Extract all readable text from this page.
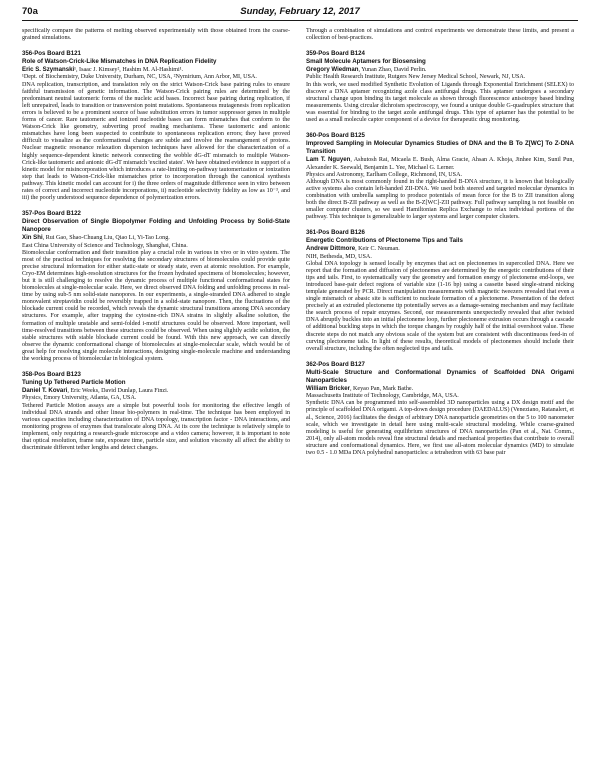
70a	Sunday, February 12, 2017

specifically compare the patterns of melting observed experimentally with those obtained from the coarse-grained simulations.

356-Pos Board B121

Role of Watson-Crick-Like Mismatches in DNA Replication Fidelity

Eric S. Szymanski¹, Isaac J. Kimsey², Hashim M. Al-Hashimi¹.

¹Dept. of Biochemistry, Duke University, Durham, NC, USA, ²Nymirium, Ann Arbor, MI, USA.

DNA replication, transcription, and translation rely on the strict Watson-Crick base pairing rules to ensure faithful transmission of genetic information. The Watson-Crick pairing rules are determined by the predominant neutral tautomeric forms of the nucleic acid bases. Incorrect base pairing during replication, if left unrepaired, leads to transition or transversion point mutations. Spontaneous mutagenesis from replication errors is believed to be a prominent source of base substitution errors in tumor suppressor genes in multiple forms of cancer. Rare tautomeric and ionized nucleotide bases can form mismatches that conform to the Watson-Crick like geometry, subverting proof reading mechanisms. These tautomeric and anionic mismatches have long been suspected to contribute to spontaneous replication errors; they have proved difficult to visualize as the conformational changes are subtle and involve the rearrangement of protons. Nuclear magnetic resonance relaxation dispersion techniques have allowed for the characterization of a highly sequence-dependent kinetic network connecting the wobble dG-dT mismatch to multiple Watson-Crick-like tautomeric and anionic dG-dT mismatch 'excited states'. We have obtained evidence in support of a kinetic model for misincorporation which introduces a rate-limiting on-pathway tautomerization or ionization step that leads to Watson-Crick-like mismatches prior to incorporation through the canonical synthesis pathway. This kinetic model can account for i) the three orders of magnitude difference seen in vitro between rates of correct and incorrect nucleotide incorporations, ii) nucleotide selectivity fidelity as low as 10⁻³, and iii) the poorly understood sequence dependence of polymerization errors.

357-Pos Board B122

Direct Observation of Single Biopolymer Folding and Unfolding Process by Solid-State Nanopore

Xin Shi, Rui Gao, Shao-Chuang Liu, Qiao Li, Yi-Tao Long.

East China University of Science and Technology, Shanghai, China.

Biomolecular conformation and their transition play a crucial role in various in vivo or in vitro system. The most of the practical techniques for resolving the secondary structures of biomolecules could provide quite precise structural information for either static-state or steady state, even at atomic resolution. For example, Cryo-EM determines high-resolution structures for the frozen hydrated specimens of biomolecules; however, but it is still challenging to resolve the dynamic process of multiple functional conformational states for biomolecules at single-molecular scale. Here, we direct observed DNA folding and unfolding process in real-time by using sub-5 nm solid-state nanopores. In our experiments, a single-stranded DNA adhered to single monovalent streptavidin could be reversibly trapped in a solid-state nanopore. Then, the fluctuations of the blockade current could be recorded, which reveals the dynamic structural transitions among DNA secondary structures. For example, after trapping the cytosine-rich DNA strains in slightly alkaline solution, the formation of multiple unstable and semi-folded i-motif structures could be observed. More important, well time-resolved transitions between these structures could be observed. When using slightly acidic solution, the stable structures with stable blockade current could be found. With this new approach, we can directly observe the dynamic conformational change of biomolecules at single-molecular scale, which would be of great help for resolving single molecule interactions, designing single-molecule machine and understanding the working process of biomolecular in biological system.

358-Pos Board B123

Tuning Up Tethered Particle Motion

Daniel T. Kovari, Eric Weeks, David Dunlap, Laura Finzi.

Physics, Emory University, Atlanta, GA, USA.

Tethered Particle Motion assays are a simple but powerful tools for monitoring the effective length of individual DNA strands and other linear bio-polymers in real-time. The technique has been employed in various capacities including characterization of DNA topology, transcription factor - DNA interactions, and monitoring progress of enzymes that translocate along DNA. At its core the technique is relatively simple to implement, only requiring a research-grade microscope and a video camera; however, it is important to note that optical resolution, frame rate, exposure time, particle size, and solution viscosity all affect the ability to discriminate different tether lengths and detect changes.

Through a combination of simulations and control experiments we demonstrate these limits, and present a collection of best-practices.

359-Pos Board B124

Small Molecule Aptamers for Biosensing

Gregory Wiedman, Yunan Zhao, David Perlin.

Public Health Research Institute, Rutgers New Jersey Medical School, Newark, NJ, USA.

In this work, we used modified Synthetic Evolution of Ligands through Exponential Enrichment (SELEX) to discover a DNA aptamer recognizing azole class antifungal drugs. This aptamer undergoes a secondary structural change upon binding its target molecule as shown through fluorescence anisotropy based binding measurements. Using circular dichroism spectroscopy, we found a unique double G-quadruplex structure that was essential for binding to the target azole antifungal drugs. This type of aptamer has the potential to be used as a small molecule captor component of a device for therapeutic drug monitoring.

360-Pos Board B125

Improved Sampling in Molecular Dynamics Studies of DNA and the B To Z[WC] To Z-DNA Transition

Lam T. Nguyen, Ashutosh Rai, Micaela E. Bush, Alma Gracie, Ahsan A. Khoja, Jinhee Kim, Sunil Pun, Alexander K. Seewald, Benjamin L. Yee, Michael G. Lerner.

Physics and Astronomy, Earlham College, Richmond, IN, USA.

Although DNA is most commonly found in the right-handed B-DNA structure, it is known that biologically active systems also contain left-handed ZII-DNA. We used both steered and targeted molecular dynamics in combination with umbrella sampling to produce potentials of mean force for the B to ZII transition along both the direct B-ZII pathway as well as the B-Z[WC]-ZII pathway. Full pathway sampling is not feasible on smaller computer clusters, so we used Hamiltonian Replica Exchange to relax individual portions of the pathway. This technique is generalizable to larger systems and larger computer clusters.

361-Pos Board B126

Energetic Contributions of Plectoneme Tips and Tails

Andrew Dittmore, Keir C. Neuman.

NIH, Bethesda, MD, USA.

Global DNA topology is sensed locally by enzymes that act on plectonemes in supercoiled DNA. Here we report that the formation and diffusion of plectonemes are determined by the energetic contributions of their tips and tails. First, to systematically vary the geometry and formation energy of plectoneme end-loops, we introduced base-pair defect regions of variable size (1-16 bp) using a cassette based single-strand nicking template generated by PCR. Direct manipulation measurements with magnetic tweezers revealed that even a single mismatch or abasic site is sufficient to nucleate formation of a plectoneme. Presentation of the defect precisely at an extruded plectoneme tip potentially serves as a damage-sensing mechanism and may facilitate the search process of repair enzymes. Second, our measurements unexpectedly revealed that after twisted DNA abruptly buckles into an initial plectoneme loop, further plectoneme extrusion occurs through a cascade of additional buckling steps in which the torque changes by roughly half of the initial overshoot value. These discrete steps do not match any obvious scale of the system but are consistent with discontinuous feed-in of curving plectoneme tails. In light of these results, theoretical models of plectonemes should include their overall structure, including the often neglected tips and tails.

362-Pos Board B127

Multi-Scale Structure and Conformational Dynamics of Scaffolded DNA Origami Nanoparticles

William Bricker, Keyao Pan, Mark Bathe.

Massachusetts Institute of Technology, Cambridge, MA, USA.

Synthetic DNA can be programmed into self-assembled 3D nanoparticles using a DX design motif and the principle of scaffolded DNA origami. A top-down design procedure (DAEDALUS) (Veneziano, Ratanalert, et al., Science, 2016) facilitates the design of arbitrary DNA nanoparticle geometries on the 5 to 100 nanometer scale, which we investigate in detail here using multi-scale structural modeling. While coarse-grained modeling is useful for generating equilibrium structures of DNA nanoparticles (Pan et al., Nat. Comm., 2014), only all-atom models reveal fine structural details and mechanical properties that contribute to overall structure and conformational dynamics. Here, we first use all-atom molecular dynamics (MD) to simulate two 0.5 - 1.0 MDa DNA polyhedral nanoparticles: a tetrahedron with 63 base pair
